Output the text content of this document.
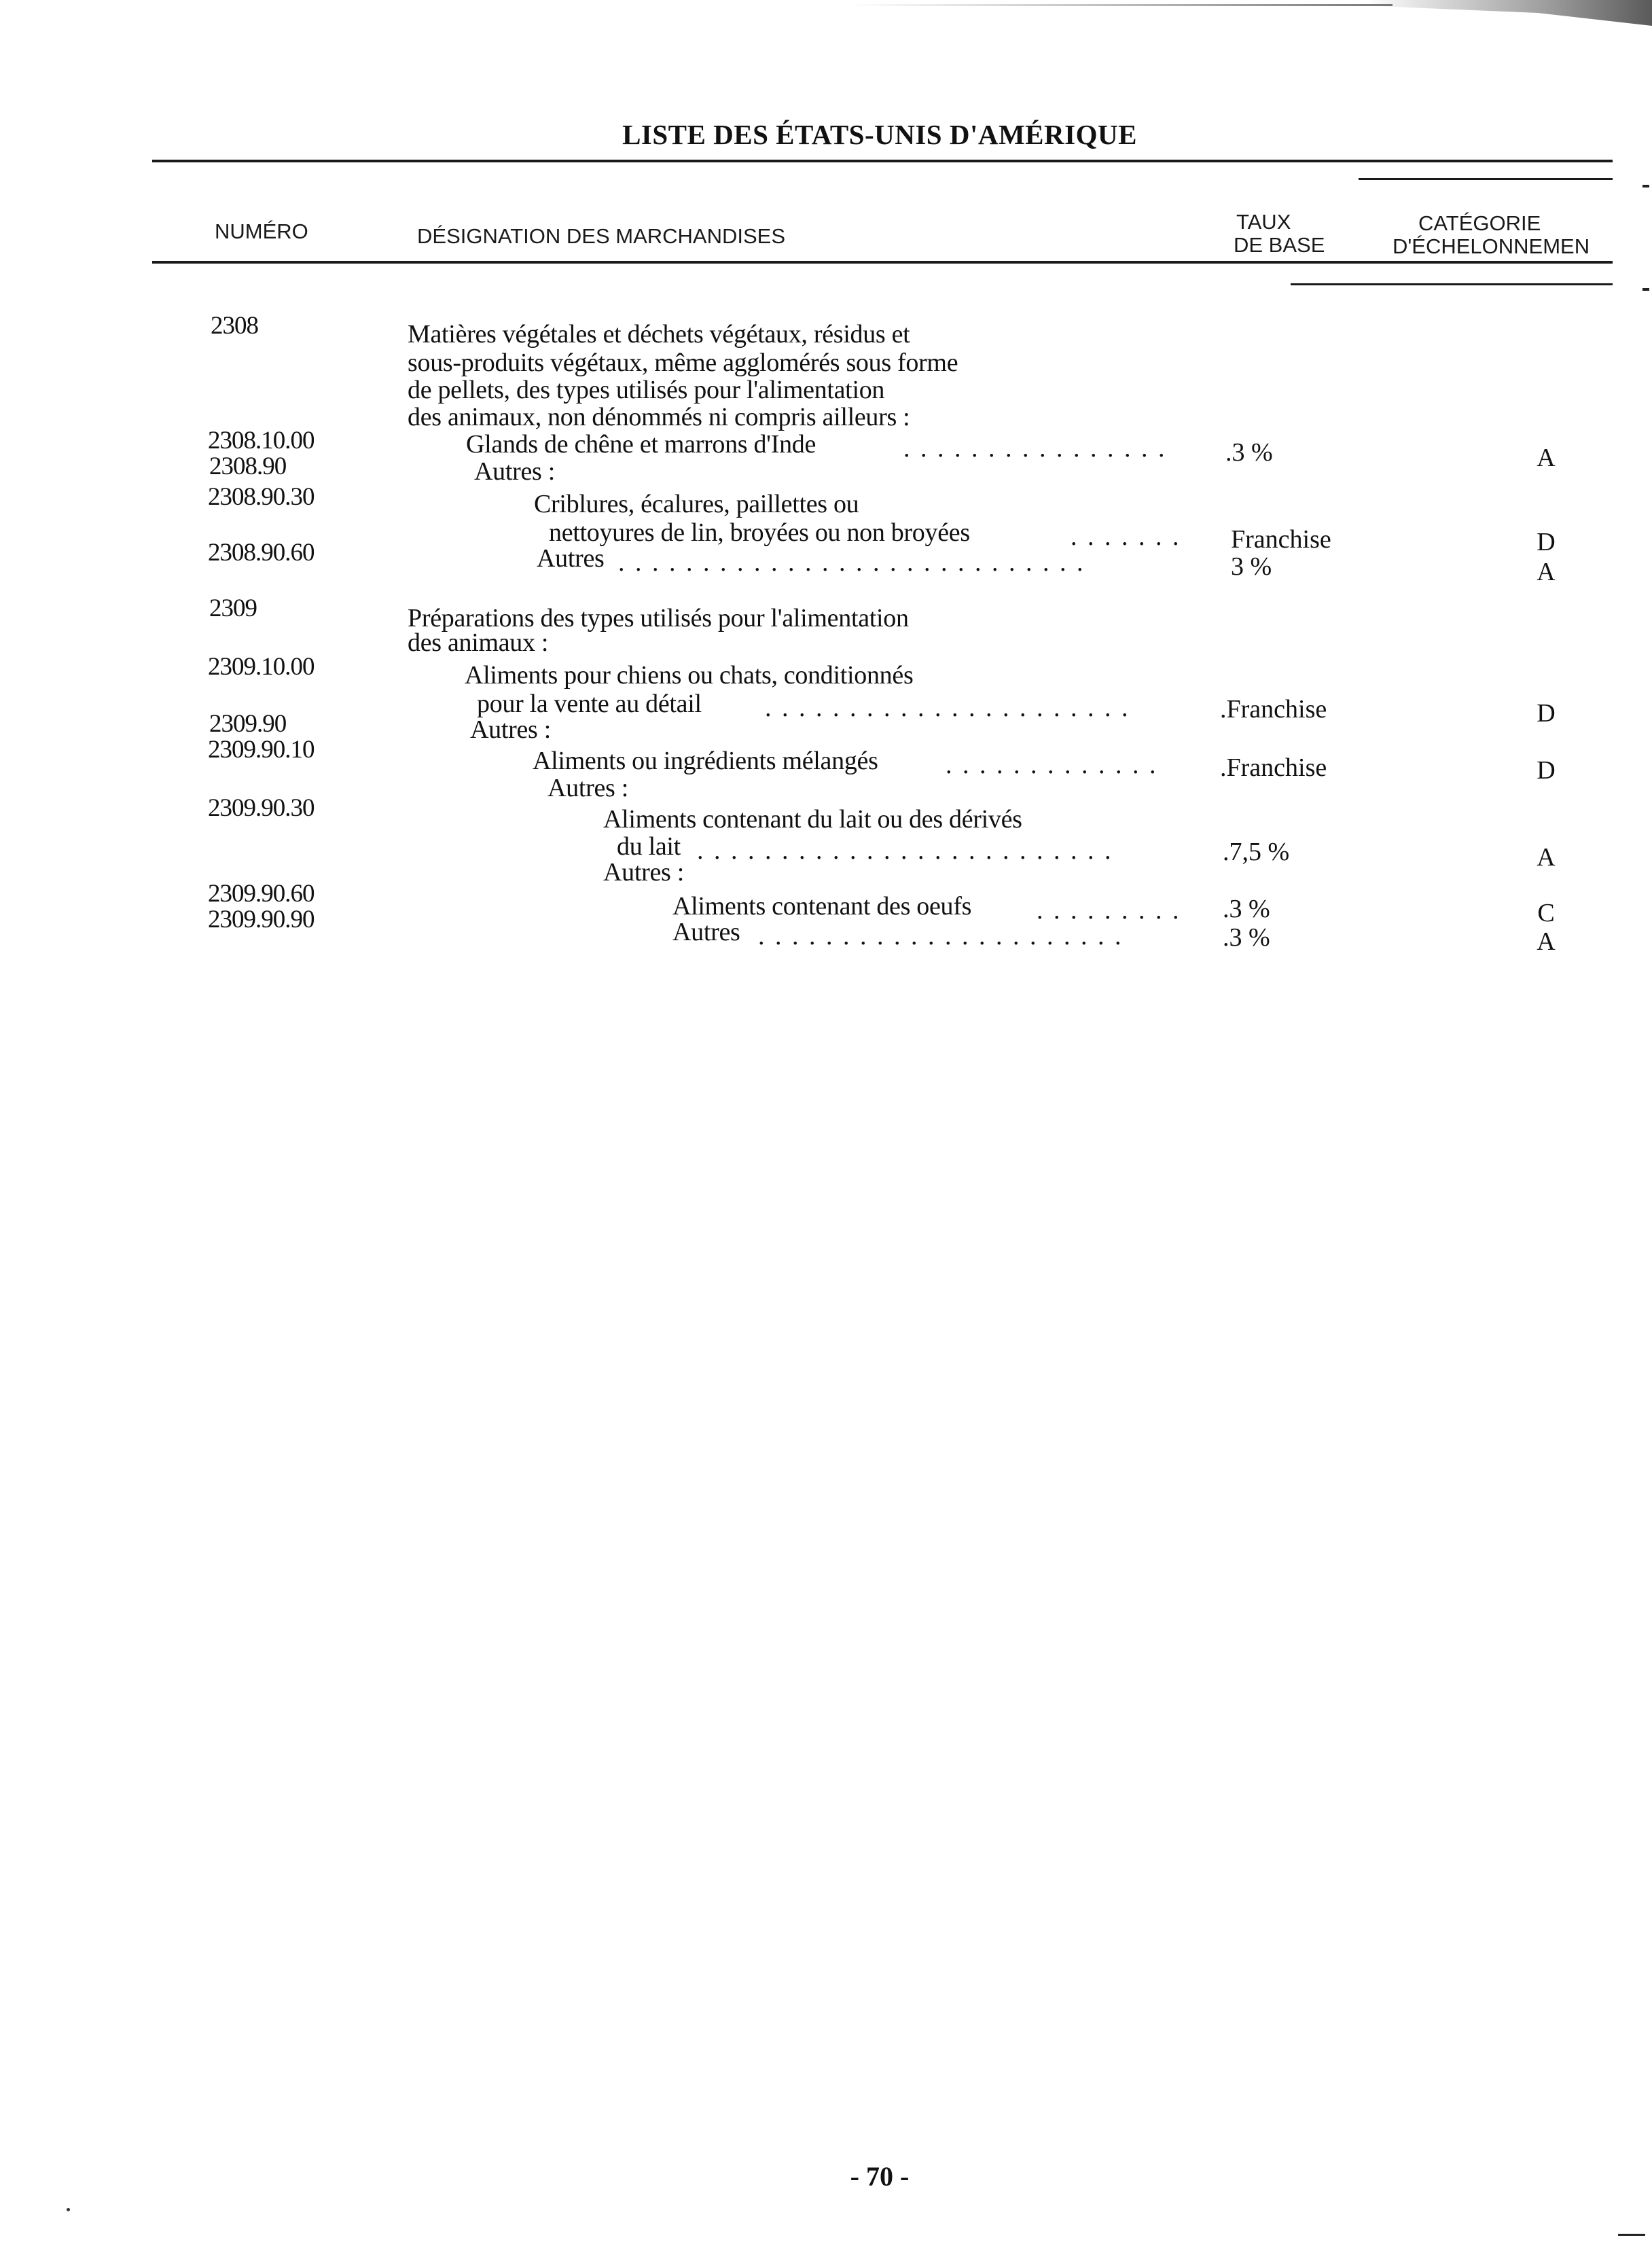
LISTE DES ÉTATS-UNIS D'AMÉRIQUE
NUMÉRO	DÉSIGNATION DES MARCHANDISES
TAUX
DE BASE
CATÉGORIE
D'ÉCHELONNEMEN
2308
2308.10.00
2308.90
2308.90.30
2308.90.60
2309
2309.10.00
2309.90
2309.90.10
2309.90.30
2309.90.60
2309.90.90
Matières végétales et déchets végétaux, résidus et
sous-produits végétaux, même agglomérés sous forme
de pellets, des types utilisés pour l'alimentation
des animaux, non dénommés ni compris ailleurs :
Glands de chêne et marrons d'Inde
Autres :
Criblures, écalures, paillettes ou
nettoyures de lin, broyées ou non broyées
Autres
Préparations des types utilisés pour l'alimentation
des animaux :
Aliments pour chiens ou chats, conditionnés
pour la vente au détail
Autres :
Aliments ou ingrédients mélangés
Autres :
Aliments contenant du lait ou des dérivés
du lait
Autres :
Aliments contenant des oeufs
Autres
. . . . . . . . . . . . . . . .
. . . . . . .
. . . . . . . . . . . . . . . . . . . . . . . . . . . .
. . . . . . . . . . . . . . . . . . . . . .
. . . . . . . . . . . . .
. . . . . . . . . . . . . . . . . . . . . . . . .
. . . . . . . . .
. . . . . . . . . . . . . . . . . . . . . .
.3 %
Franchise
3 %
.Franchise
.Franchise
.7,5 %
.3 %
.3 %
A
D
A
D
D
A
C
A
- 70 -
